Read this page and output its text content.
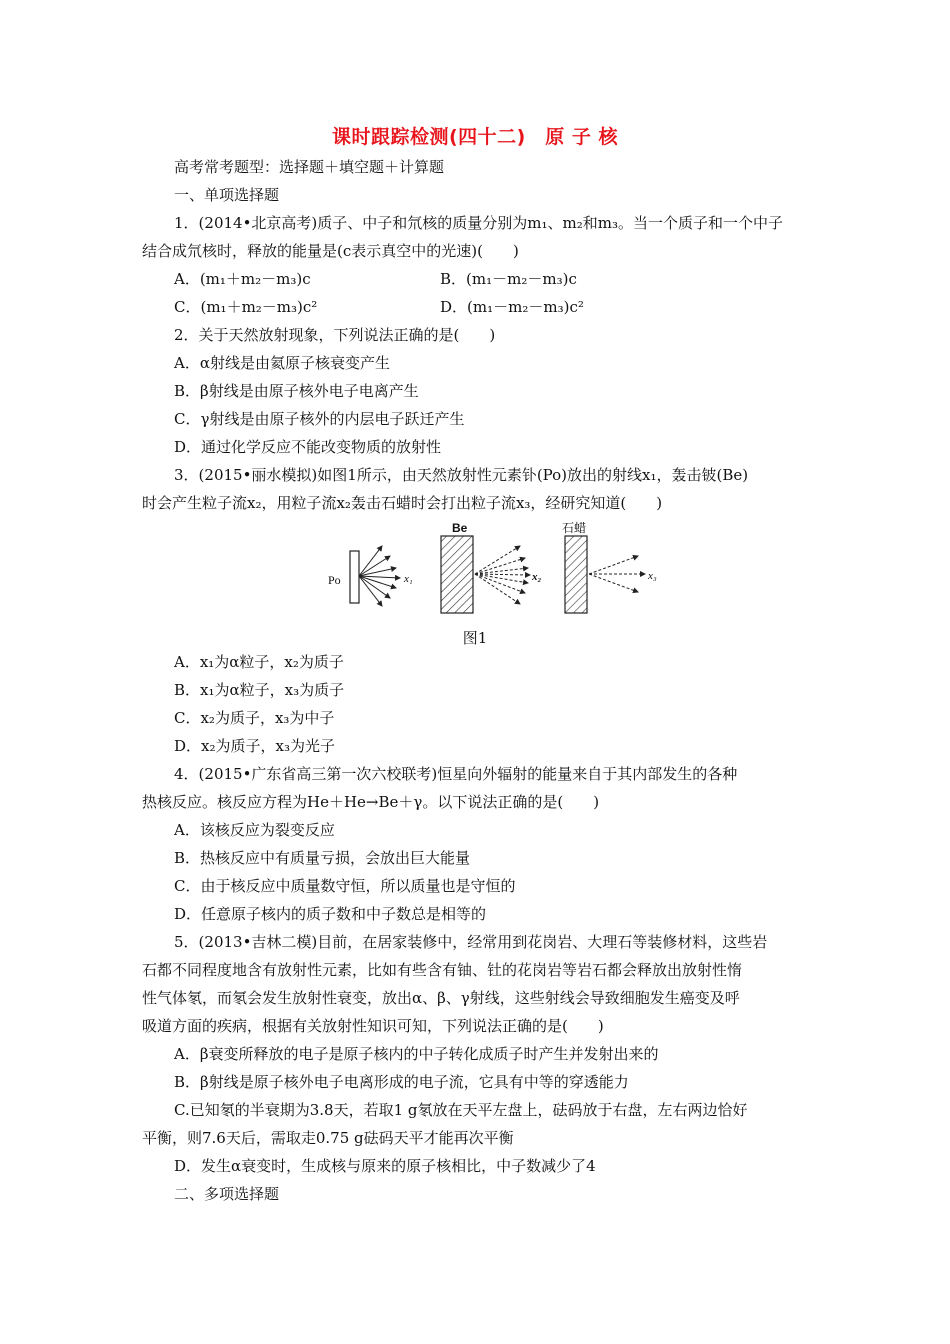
课时跟踪检测(四十二)　原 子 核
高考常考题型：选择题＋填空题＋计算题
一、单项选择题
1．(2014•北京高考)质子、中子和氘核的质量分别为m₁、m₂和m₃。当一个质子和一个中子
结合成氘核时，释放的能量是(c表示真空中的光速)(　　)
A．(m₁＋m₂－m₃)c	B．(m₁－m₂－m₃)c
C．(m₁＋m₂－m₃)c²	D．(m₁－m₂－m₃)c²
2．关于天然放射现象，下列说法正确的是(　　)
A．α射线是由氦原子核衰变产生
B．β射线是由原子核外电子电离产生
C．γ射线是由原子核外的内层电子跃迁产生
D．通过化学反应不能改变物质的放射性
3．(2015•丽水模拟)如图1所示，由天然放射性元素钋(Po)放出的射线x₁，轰击铍(Be)
时会产生粒子流x₂，用粒子流x₂轰击石蜡时会打出粒子流x₃，经研究知道(　　)
Po	x₁
Be
x₂
石蜡
x₃
图1
A．x₁为α粒子，x₂为质子
B．x₁为α粒子，x₃为质子
C．x₂为质子，x₃为中子
D．x₂为质子，x₃为光子
4．(2015•广东省高三第一次六校联考)恒星向外辐射的能量来自于其内部发生的各种
热核反应。核反应方程为He＋He→Be＋γ。以下说法正确的是(　　)
A．该核反应为裂变反应
B．热核反应中有质量亏损，会放出巨大能量
C．由于核反应中质量数守恒，所以质量也是守恒的
D．任意原子核内的质子数和中子数总是相等的
5．(2013•吉林二模)目前，在居家装修中，经常用到花岗岩、大理石等装修材料，这些岩
石都不同程度地含有放射性元素，比如有些含有铀、钍的花岗岩等岩石都会释放出放射性惰
性气体氡，而氡会发生放射性衰变，放出α、β、γ射线，这些射线会导致细胞发生癌变及呼
吸道方面的疾病，根据有关放射性知识可知，下列说法正确的是(　　)
A．β衰变所释放的电子是原子核内的中子转化成质子时产生并发射出来的
B．β射线是原子核外电子电离形成的电子流，它具有中等的穿透能力
C.已知氡的半衰期为3.8天，若取1 g氡放在天平左盘上，砝码放于右盘，左右两边恰好
平衡，则7.6天后，需取走0.75 g砝码天平才能再次平衡
D．发生α衰变时，生成核与原来的原子核相比，中子数减少了4
二、多项选择题
